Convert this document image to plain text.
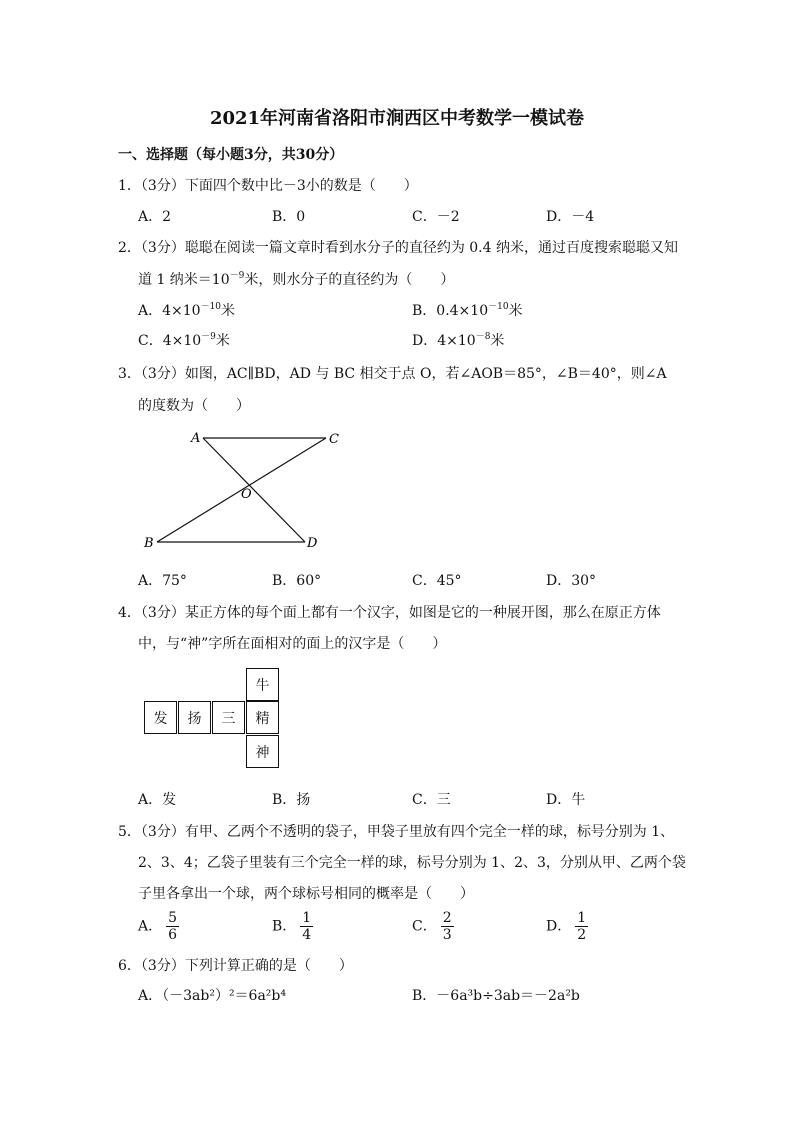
2021年河南省洛阳市涧西区中考数学一模试卷
一、选择题（每小题3分，共30分）
1．（3分）下面四个数中比－3小的数是（　　）
A．2	B．0	C．－2	D．－4
2．（3分）聪聪在阅读一篇文章时看到水分子的直径约为 0.4 纳米，通过百度搜索聪聪又知
道 1 纳米$=10^{-9}$米，则水分子的直径约为（　　）
A．$4\times 10^{-10}$米	B．$0.4\times 10^{-10}$米
C．$4\times 10^{-9}$米	D．$4\times 10^{-8}$米
3．（3分）如图，AC∥BD，AD 与 BC 相交于点 O，若∠AOB＝85°，∠B＝40°，则∠A
的度数为（　　）
A	C
O
B	D
A．75°	B．60°	C．45°	D．30°
4．（3分）某正方体的每个面上都有一个汉字，如图是它的一种展开图，那么在原正方体
中，与“神”字所在面相对的面上的汉字是（　　）
牛
发	扬	三	精
神
A．发	B．扬	C．三	D．牛
5．（3分）有甲、乙两个不透明的袋子，甲袋子里放有四个完全一样的球，标号分别为 1、
2、3、4；乙袋子里装有三个完全一样的球，标号分别为 1、2、3，分别从甲、乙两个袋
子里各拿出一个球，两个球标号相同的概率是（　　）
A． $\frac{5}{6}$	B． $\frac{1}{4}$	C． $\frac{2}{3}$	D． $\frac{1}{2}$
6．（3分）下列计算正确的是（　　）
A．（－3ab²）²＝6a²b⁴	B．－6a³b÷3ab＝－2a²b
